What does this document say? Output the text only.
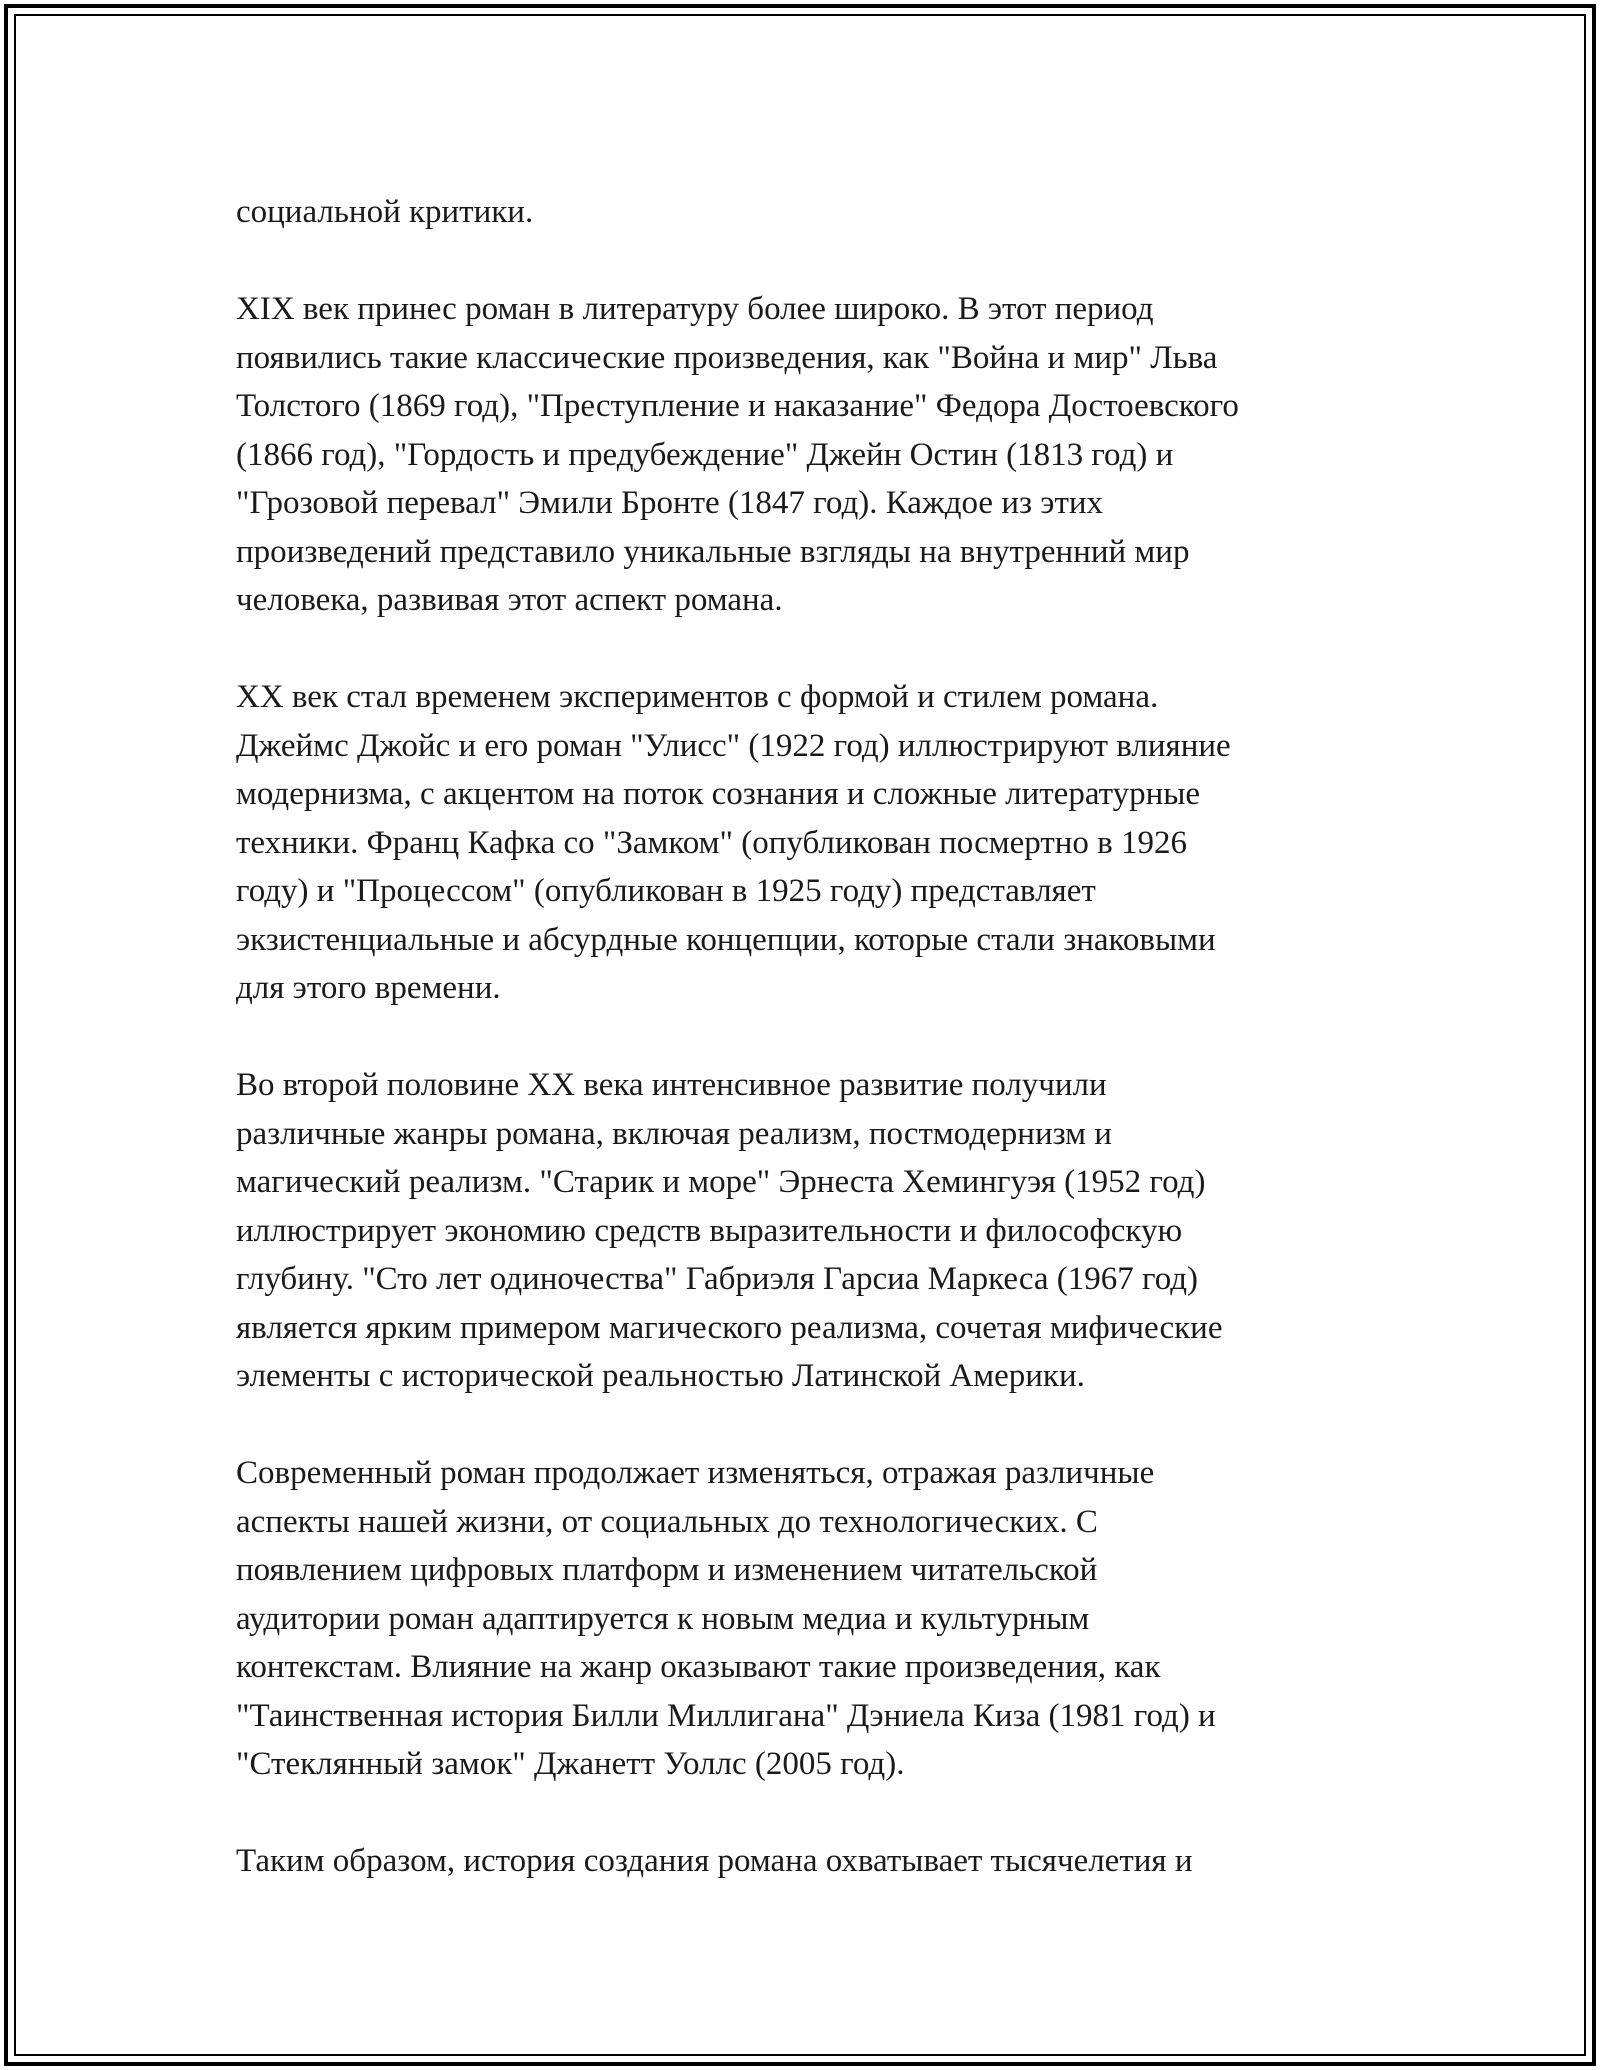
социальной критики.

XIX век принес роман в литературу более широко. В этот период
появились такие классические произведения, как "Война и мир" Льва
Толстого (1869 год), "Преступление и наказание" Федора Достоевского
(1866 год), "Гордость и предубеждение" Джейн Остин (1813 год) и
"Грозовой перевал" Эмили Бронте (1847 год). Каждое из этих
произведений представило уникальные взгляды на внутренний мир
человека, развивая этот аспект романа.

XX век стал временем экспериментов с формой и стилем романа.
Джеймс Джойс и его роман "Улисс" (1922 год) иллюстрируют влияние
модернизма, с акцентом на поток сознания и сложные литературные
техники. Франц Кафка со "Замком" (опубликован посмертно в 1926
году) и "Процессом" (опубликован в 1925 году) представляет
экзистенциальные и абсурдные концепции, которые стали знаковыми
для этого времени.

Во второй половине XX века интенсивное развитие получили
различные жанры романа, включая реализм, постмодернизм и
магический реализм. "Старик и море" Эрнеста Хемингуэя (1952 год)
иллюстрирует экономию средств выразительности и философскую
глубину. "Сто лет одиночества" Габриэля Гарсиа Маркеса (1967 год)
является ярким примером магического реализма, сочетая мифические
элементы с исторической реальностью Латинской Америки.

Современный роман продолжает изменяться, отражая различные
аспекты нашей жизни, от социальных до технологических. С
появлением цифровых платформ и изменением читательской
аудитории роман адаптируется к новым медиа и культурным
контекстам. Влияние на жанр оказывают такие произведения, как
"Таинственная история Билли Миллигана" Дэниела Киза (1981 год) и
"Стеклянный замок" Джанетт Уоллс (2005 год).

Таким образом, история создания романа охватывает тысячелетия и
